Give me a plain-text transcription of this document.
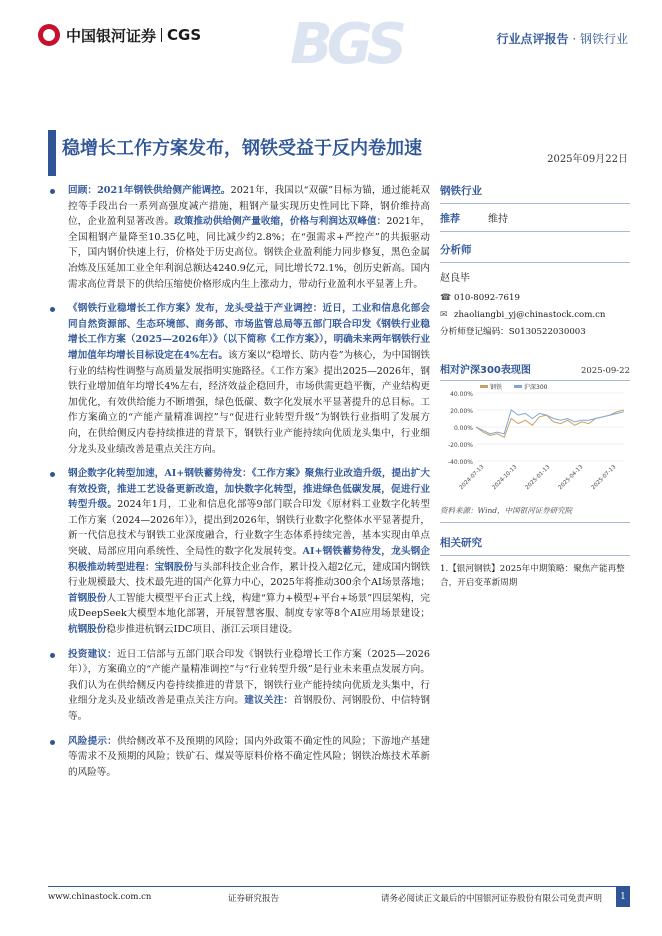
中国银河证券 CGS BGS	行业点评报告 · 钢铁行业
稳增长工作方案发布，钢铁受益于反内卷加速
2025年09月22日
回顾：2021年钢铁供给侧产能调控。2021年，我国以“双碳”目标为锚，通过能耗双控等手段出台一系列高强度减产措施，粗钢产量实现历史性同比下降，钢价维持高位，企业盈利显著改善。政策推动供给侧产量收缩，价格与利润达双峰值：2021年，全国粗钢产量降至10.35亿吨，同比减少约2.8%；在“强需求+严控产”的共振驱动下，国内钢价快速上行，价格处于历史高位。钢铁企业盈利能力同步修复，黑色金属冶炼及压延加工业全年利润总额达4240.9亿元，同比增长72.1%，创历史新高。国内需求高位背景下的供给压缩使价格形成内生上涨动力，带动行业盈利水平显著上升。
《钢铁行业稳增长工作方案》发布，龙头受益于产业调控：近日，工业和信息化部会同自然资源部、生态环境部、商务部、市场监管总局等五部门联合印发《钢铁行业稳增长工作方案（2025—2026年）》（以下简称《工作方案》），明确未来两年钢铁行业增加值年均增长目标设定在4%左右。该方案以“稳增长、防内卷”为核心，为中国钢铁行业的结构性调整与高质量发展指明实施路径。《工作方案》提出2025—2026年，钢铁行业增加值年均增长4%左右，经济效益企稳回升，市场供需更趋平衡，产业结构更加优化，有效供给能力不断增强，绿色低碳、数字化发展水平显著提升的总目标。工作方案确立的“产能产量精准调控”与“促进行业转型升级”为钢铁行业指明了发展方向，在供给侧反内卷持续推进的背景下，钢铁行业产能持续向优质龙头集中，行业细分龙头及业绩改善是重点关注方向。
钢企数字化转型加速，AI+钢铁蓄势待发：《工作方案》聚焦行业改造升级，提出扩大有效投资，推进工艺设备更新改造，加快数字化转型，推进绿色低碳发展，促进行业转型升级。2024年1月，工业和信息化部等9部门联合印发《原材料工业数字化转型工作方案（2024—2026年）》，提出到2026年，钢铁行业数字化整体水平显著提升，新一代信息技术与钢铁工业深度融合，行业数字生态体系持续完善，基本实现由单点突破、局部应用向系统性、全局性的数字化发展转变。AI+钢铁蓄势待发，龙头钢企积极推动转型进程：宝钢股份与头部科技企业合作，累计投入超2亿元，建成国内钢铁行业规模最大、技术最先进的国产化算力中心，2025年将推动300余个AI场景落地；首钢股份人工智能大模型平台正式上线，构建“算力+模型+平台+场景”四层架构，完成DeepSeek大模型本地化部署，开展智慧客服、制度专家等8个AI应用场景建设；杭钢股份稳步推进杭钢云IDC项目、浙江云项目建设。
投资建议：近日工信部与五部门联合印发《钢铁行业稳增长工作方案（2025—2026年）》，方案确立的“产能产量精准调控”与“行业转型升级”是行业未来重点发展方向。我们认为在供给侧反内卷持续推进的背景下，钢铁行业产能持续向优质龙头集中，行业细分龙头及业绩改善是重点关注方向。建议关注：首钢股份、河钢股份、中信特钢等。
风险提示：供给侧改革不及预期的风险；国内外政策不确定性的风险；下游地产基建等需求不及预期的风险；铁矿石、煤炭等原料价格不确定性风险；钢铁冶炼技术革新的风险等。
钢铁行业
推荐	维持
分析师
赵良毕
☎ 010-8092-7619
✉ zhaoliangbi_yj@chinastock.com.cn
分析师登记编码：S0130522030003
相对沪深300表现图	2025-09-22
40.00%
20.00%
0.00%
-20.00%
-40.00%
2024-07-13 2024-10-13 2025-01-13 2025-04-13 2025-07-13
钢铁	沪深300
资料来源：Wind，中国银河证券研究院
相关研究
1.【银河钢铁】2025年中期策略：聚焦产能再整合，开启变革新周期
www.chinastock.com.cn	证券研究报告	请务必阅读正文最后的中国银河证券股份有限公司免责声明	1
